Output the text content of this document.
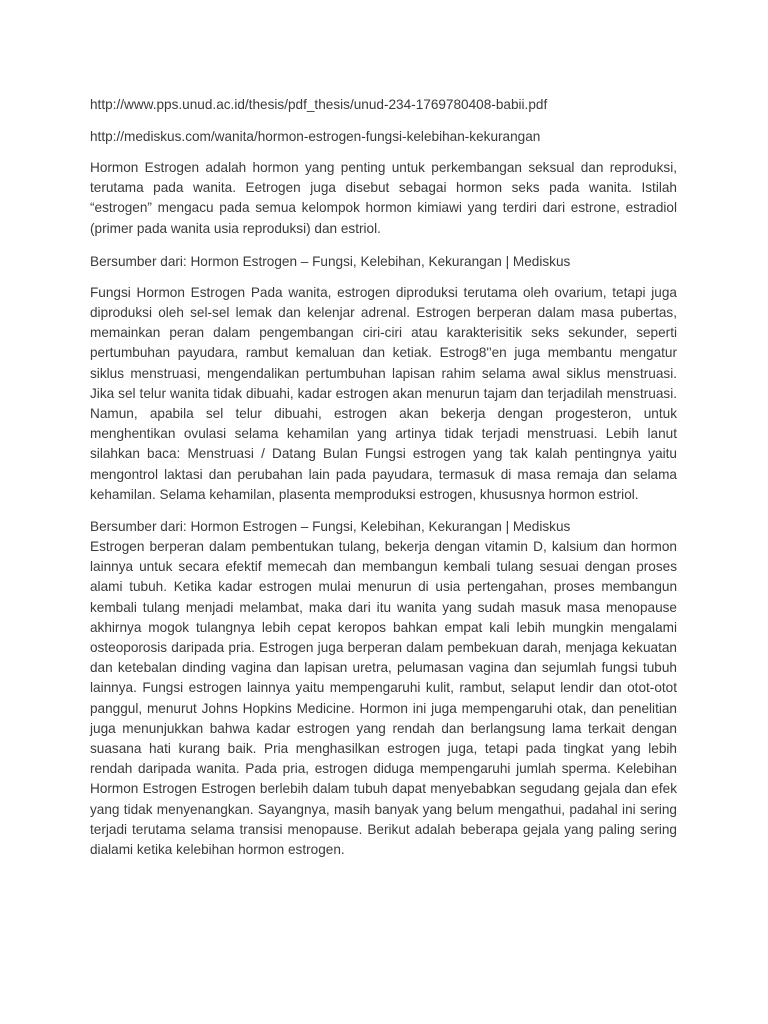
http://www.pps.unud.ac.id/thesis/pdf_thesis/unud-234-1769780408-babii.pdf
http://mediskus.com/wanita/hormon-estrogen-fungsi-kelebihan-kekurangan
Hormon Estrogen adalah hormon yang penting untuk perkembangan seksual dan reproduksi, terutama pada wanita. Eetrogen juga disebut sebagai hormon seks pada wanita. Istilah “estrogen” mengacu pada semua kelompok hormon kimiawi yang terdiri dari estrone, estradiol (primer pada wanita usia reproduksi) dan estriol.
Bersumber dari: Hormon Estrogen – Fungsi, Kelebihan, Kekurangan | Mediskus
Fungsi Hormon Estrogen Pada wanita, estrogen diproduksi terutama oleh ovarium, tetapi juga diproduksi oleh sel-sel lemak dan kelenjar adrenal. Estrogen berperan dalam masa pubertas, memainkan peran dalam pengembangan ciri-ciri atau karakterisitik seks sekunder, seperti pertumbuhan payudara, rambut kemaluan dan ketiak. Estrog8''en juga membantu mengatur siklus menstruasi, mengendalikan pertumbuhan lapisan rahim selama awal siklus menstruasi. Jika sel telur wanita tidak dibuahi, kadar estrogen akan menurun tajam dan terjadilah menstruasi. Namun, apabila sel telur dibuahi, estrogen akan bekerja dengan progesteron, untuk menghentikan ovulasi selama kehamilan yang artinya tidak terjadi menstruasi. Lebih lanut silahkan baca: Menstruasi / Datang Bulan Fungsi estrogen yang tak kalah pentingnya yaitu mengontrol laktasi dan perubahan lain pada payudara, termasuk di masa remaja dan selama kehamilan. Selama kehamilan, plasenta memproduksi estrogen, khususnya hormon estriol.
Bersumber dari: Hormon Estrogen – Fungsi, Kelebihan, Kekurangan | Mediskus
Estrogen berperan dalam pembentukan tulang, bekerja dengan vitamin D, kalsium dan hormon lainnya untuk secara efektif memecah dan membangun kembali tulang sesuai dengan proses alami tubuh. Ketika kadar estrogen mulai menurun di usia pertengahan, proses membangun kembali tulang menjadi melambat, maka dari itu wanita yang sudah masuk masa menopause akhirnya mogok tulangnya lebih cepat keropos bahkan empat kali lebih mungkin mengalami osteoporosis daripada pria. Estrogen juga berperan dalam pembekuan darah, menjaga kekuatan dan ketebalan dinding vagina dan lapisan uretra, pelumasan vagina dan sejumlah fungsi tubuh lainnya. Fungsi estrogen lainnya yaitu mempengaruhi kulit, rambut, selaput lendir dan otot-otot panggul, menurut Johns Hopkins Medicine. Hormon ini juga mempengaruhi otak, dan penelitian juga menunjukkan bahwa kadar estrogen yang rendah dan berlangsung lama terkait dengan suasana hati kurang baik. Pria menghasilkan estrogen juga, tetapi pada tingkat yang lebih rendah daripada wanita. Pada pria, estrogen diduga mempengaruhi jumlah sperma. Kelebihan Hormon Estrogen Estrogen berlebih dalam tubuh dapat menyebabkan segudang gejala dan efek yang tidak menyenangkan. Sayangnya, masih banyak yang belum mengathui, padahal ini sering terjadi terutama selama transisi menopause. Berikut adalah beberapa gejala yang paling sering dialami ketika kelebihan hormon estrogen.
